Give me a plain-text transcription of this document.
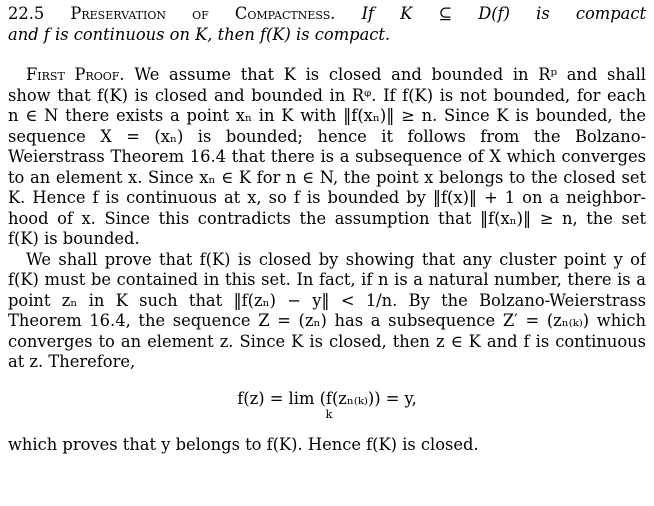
22.5 Preservation of Compactness. If K ⊆ D(f) is compact
and f is continuous on K, then f(K) is compact.
First Proof. We assume that K is closed and bounded in Rᵖ and shall
show that f(K) is closed and bounded in Rᵠ. If f(K) is not bounded, for each
n ∈ N there exists a point xₙ in K with ‖f(xₙ)‖ ≥ n. Since K is bounded, the
sequence X = (xₙ) is bounded; hence it follows from the Bolzano-
Weierstrass Theorem 16.4 that there is a subsequence of X which converges
to an element x. Since xₙ ∈ K for n ∈ N, the point x belongs to the closed set
K. Hence f is continuous at x, so f is bounded by ‖f(x)‖ + 1 on a neighbor-
hood of x. Since this contradicts the assumption that ‖f(xₙ)‖ ≥ n, the set
f(K) is bounded.
We shall prove that f(K) is closed by showing that any cluster point y of
f(K) must be contained in this set. In fact, if n is a natural number, there is a
point zₙ in K such that ‖f(zₙ) − y‖ < 1/n. By the Bolzano-Weierstrass
Theorem 16.4, the sequence Z = (zₙ) has a subsequence Z′ = (zₙ₍ₖ₎) which
converges to an element z. Since K is closed, then z ∈ K and f is continuous
at z. Therefore,
f(z) = lim (f(zₙ₍ₖ₎)) = y,
k
which proves that y belongs to f(K). Hence f(K) is closed.
